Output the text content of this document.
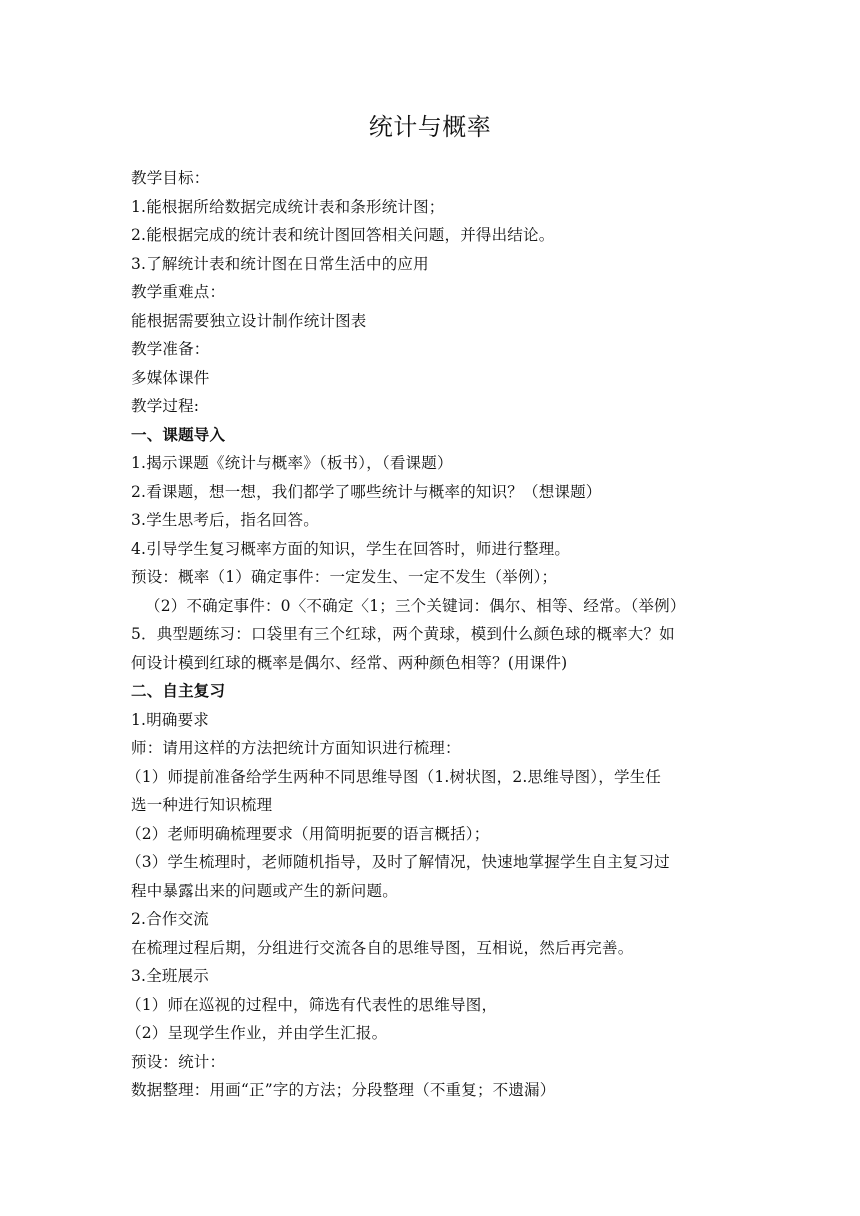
统计与概率
教学目标：
1.能根据所给数据完成统计表和条形统计图；
2.能根据完成的统计表和统计图回答相关问题，并得出结论。
3.了解统计表和统计图在日常生活中的应用
教学重难点：
能根据需要独立设计制作统计图表
教学准备：
多媒体课件
教学过程:
一、课题导入
1.揭示课题《统计与概率》（板书），（看课题）
2.看课题，想一想，我们都学了哪些统计与概率的知识？（想课题）
3.学生思考后，指名回答。
4.引导学生复习概率方面的知识，学生在回答时，师进行整理。
预设：概率（1）确定事件：一定发生、一定不发生（举例）；
（2）不确定事件：0〈不确定〈1；三个关键词：偶尔、相等、经常。（举例）
5．典型题练习：口袋里有三个红球，两个黄球，模到什么颜色球的概率大？如
何设计模到红球的概率是偶尔、经常、两种颜色相等？(用课件)
二、自主复习
1.明确要求
师：请用这样的方法把统计方面知识进行梳理：
（1）师提前准备给学生两种不同思维导图（1.树状图，2.思维导图），学生任
选一种进行知识梳理
（2）老师明确梳理要求（用简明扼要的语言概括）；
（3）学生梳理时，老师随机指导，及时了解情况，快速地掌握学生自主复习过
程中暴露出来的问题或产生的新问题。
2.合作交流
在梳理过程后期，分组进行交流各自的思维导图，互相说，然后再完善。
3.全班展示
（1）师在巡视的过程中，筛选有代表性的思维导图，
（2）呈现学生作业，并由学生汇报。
预设：统计：
数据整理：用画“正”字的方法；分段整理（不重复；不遗漏）
